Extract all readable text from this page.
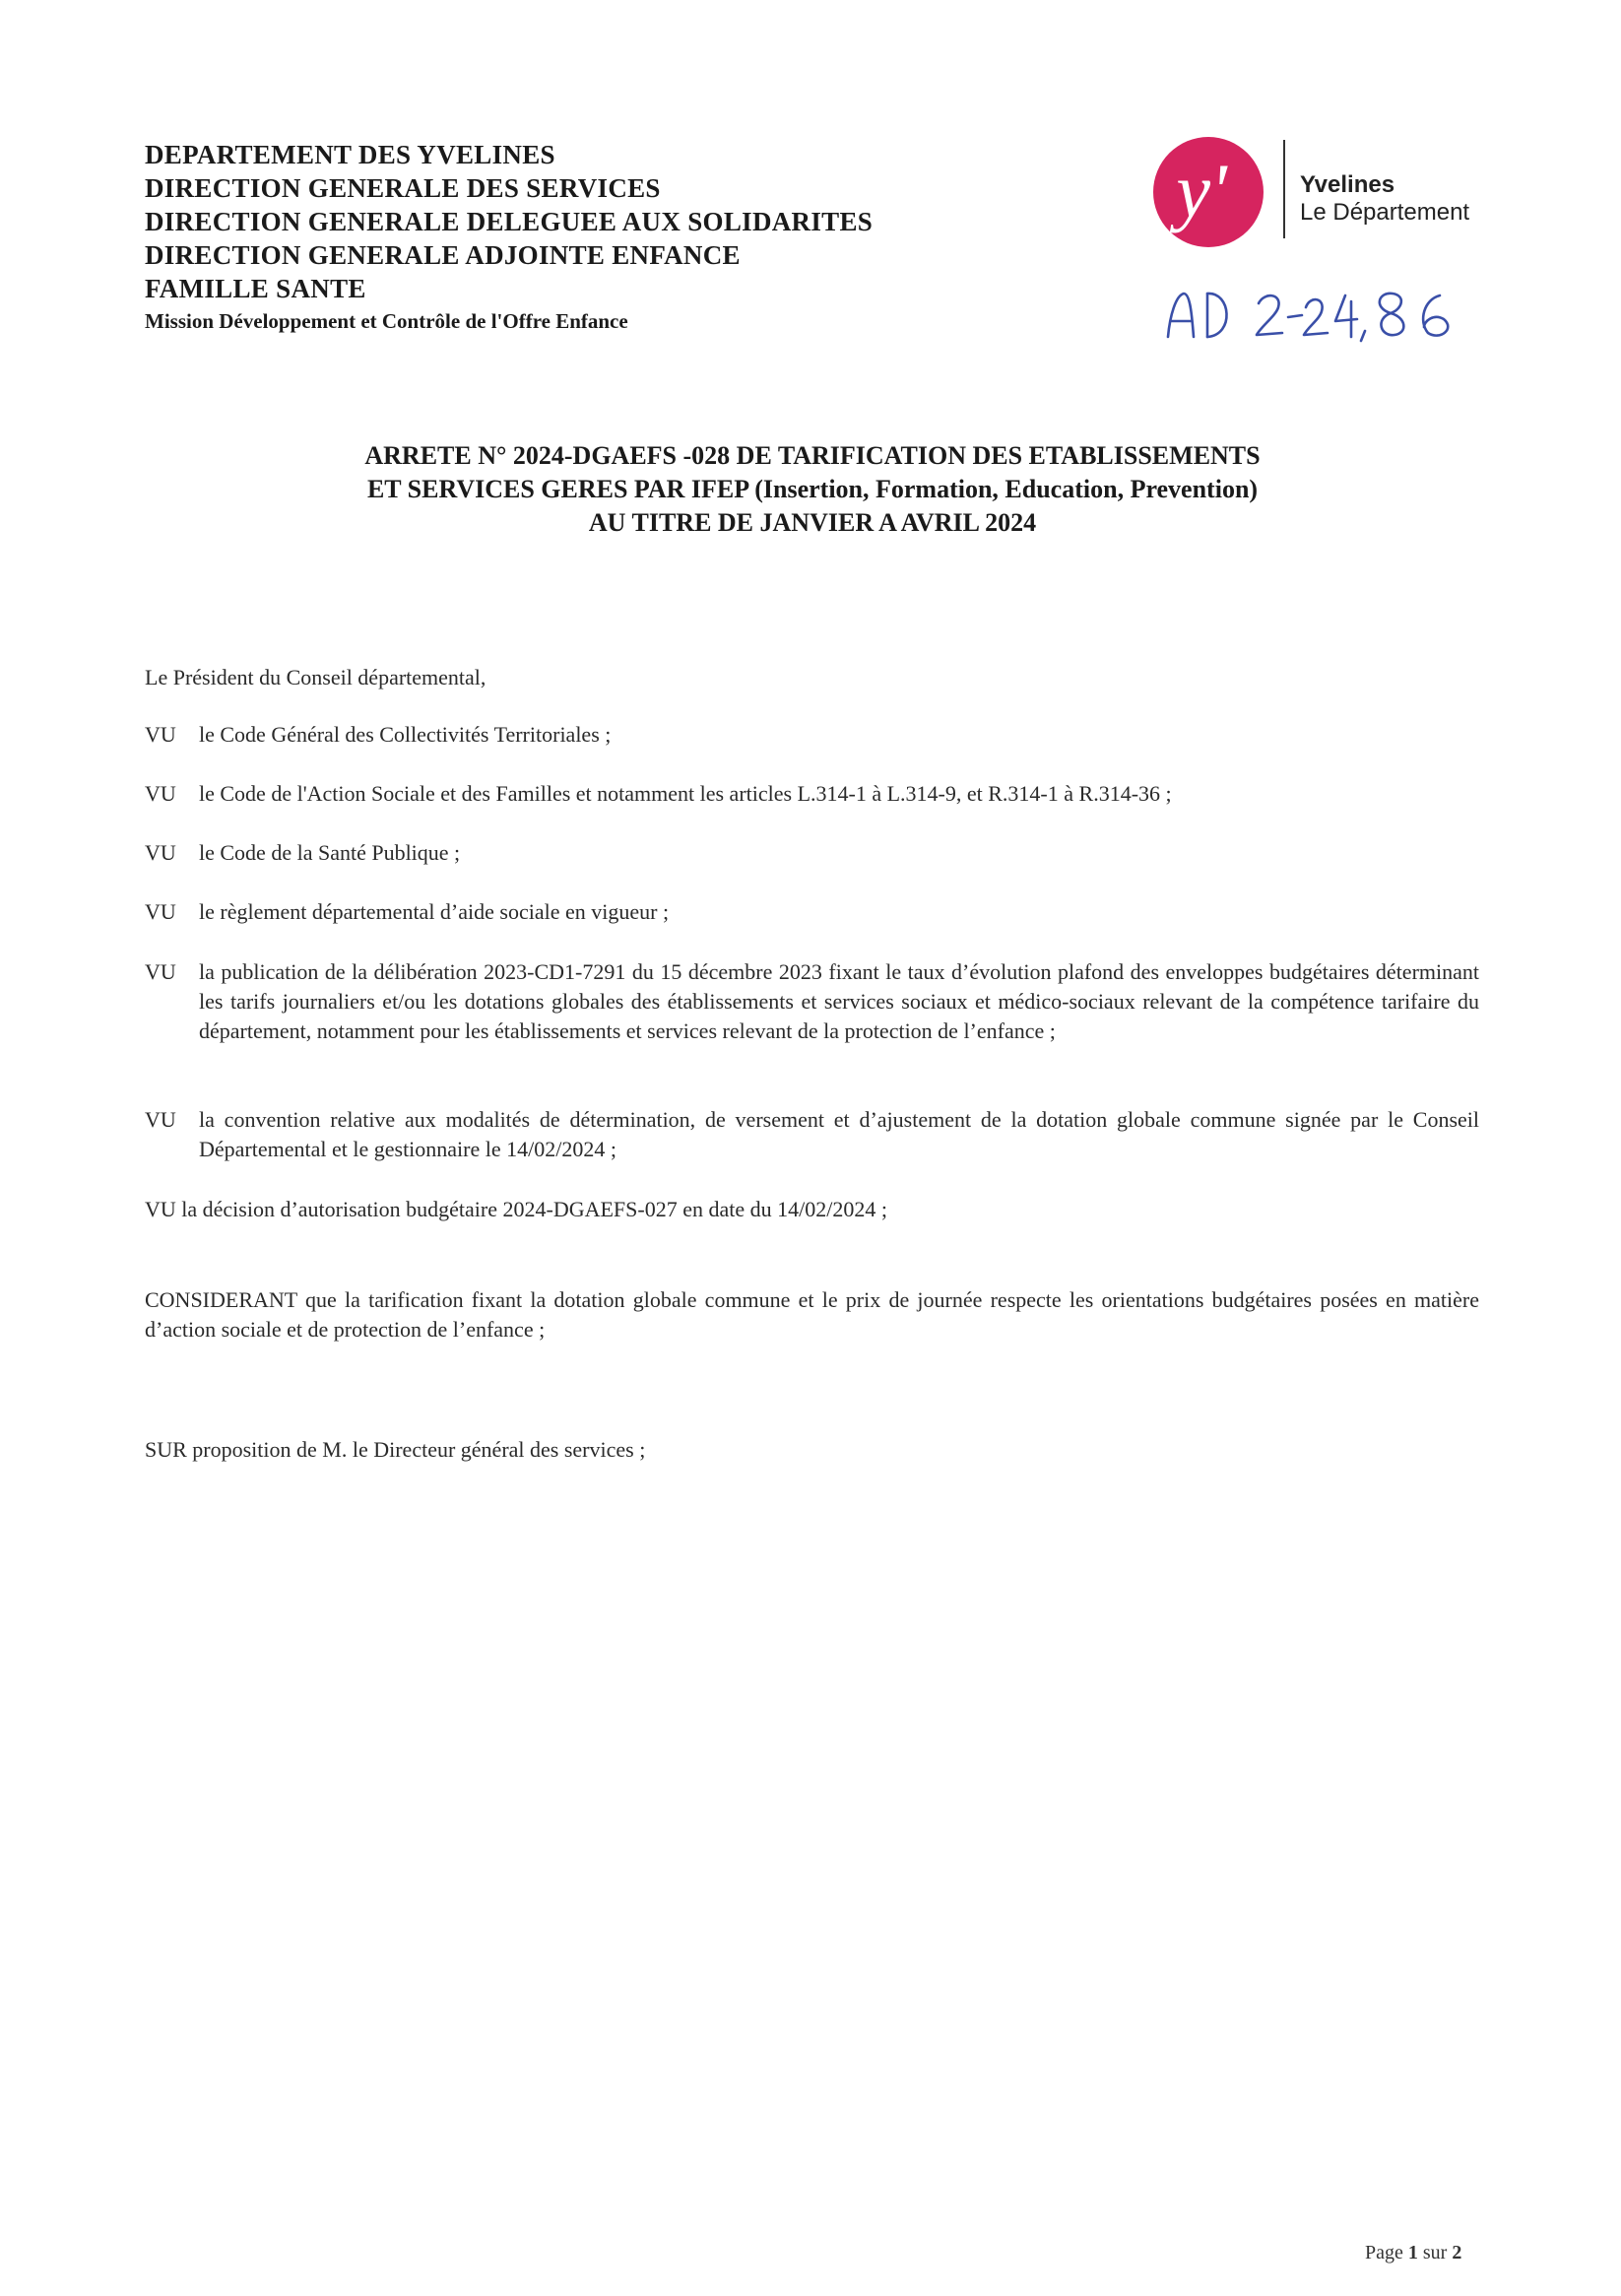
DEPARTEMENT DES YVELINES
DIRECTION GENERALE DES SERVICES
DIRECTION GENERALE DELEGUEE AUX SOLIDARITES
DIRECTION GENERALE ADJOINTE ENFANCE
FAMILLE SANTE
Mission Développement et Contrôle de l'Offre Enfance
y'	Yvelines
Le Département
ARRETE N° 2024-DGAEFS -028 DE TARIFICATION DES ETABLISSEMENTS
ET SERVICES GERES PAR IFEP (Insertion, Formation, Education, Prevention)
AU TITRE DE JANVIER A AVRIL 2024
Le Président du Conseil départemental,
VU le Code Général des Collectivités Territoriales ;
VU le Code de l'Action Sociale et des Familles et notamment les articles L.314-1 à L.314-9, et R.314-1 à R.314-36 ;
VU le Code de la Santé Publique ;
VU le règlement départemental d’aide sociale en vigueur ;
VU la publication de la délibération 2023-CD1-7291 du 15 décembre 2023 fixant le taux d’évolution plafond des enveloppes budgétaires déterminant les tarifs journaliers et/ou les dotations globales des établissements et services sociaux et médico-sociaux relevant de la compétence tarifaire du département, notamment pour les établissements et services relevant de la protection de l’enfance ;
VU la convention relative aux modalités de détermination, de versement et d’ajustement de la dotation globale commune signée par le Conseil Départemental et le gestionnaire le 14/02/2024 ;
VU la décision d’autorisation budgétaire 2024-DGAEFS-027 en date du 14/02/2024 ;
CONSIDERANT que la tarification fixant la dotation globale commune et le prix de journée respecte les orientations budgétaires posées en matière d’action sociale et de protection de l’enfance ;
SUR proposition de M. le Directeur général des services ;
Page 1 sur 2
